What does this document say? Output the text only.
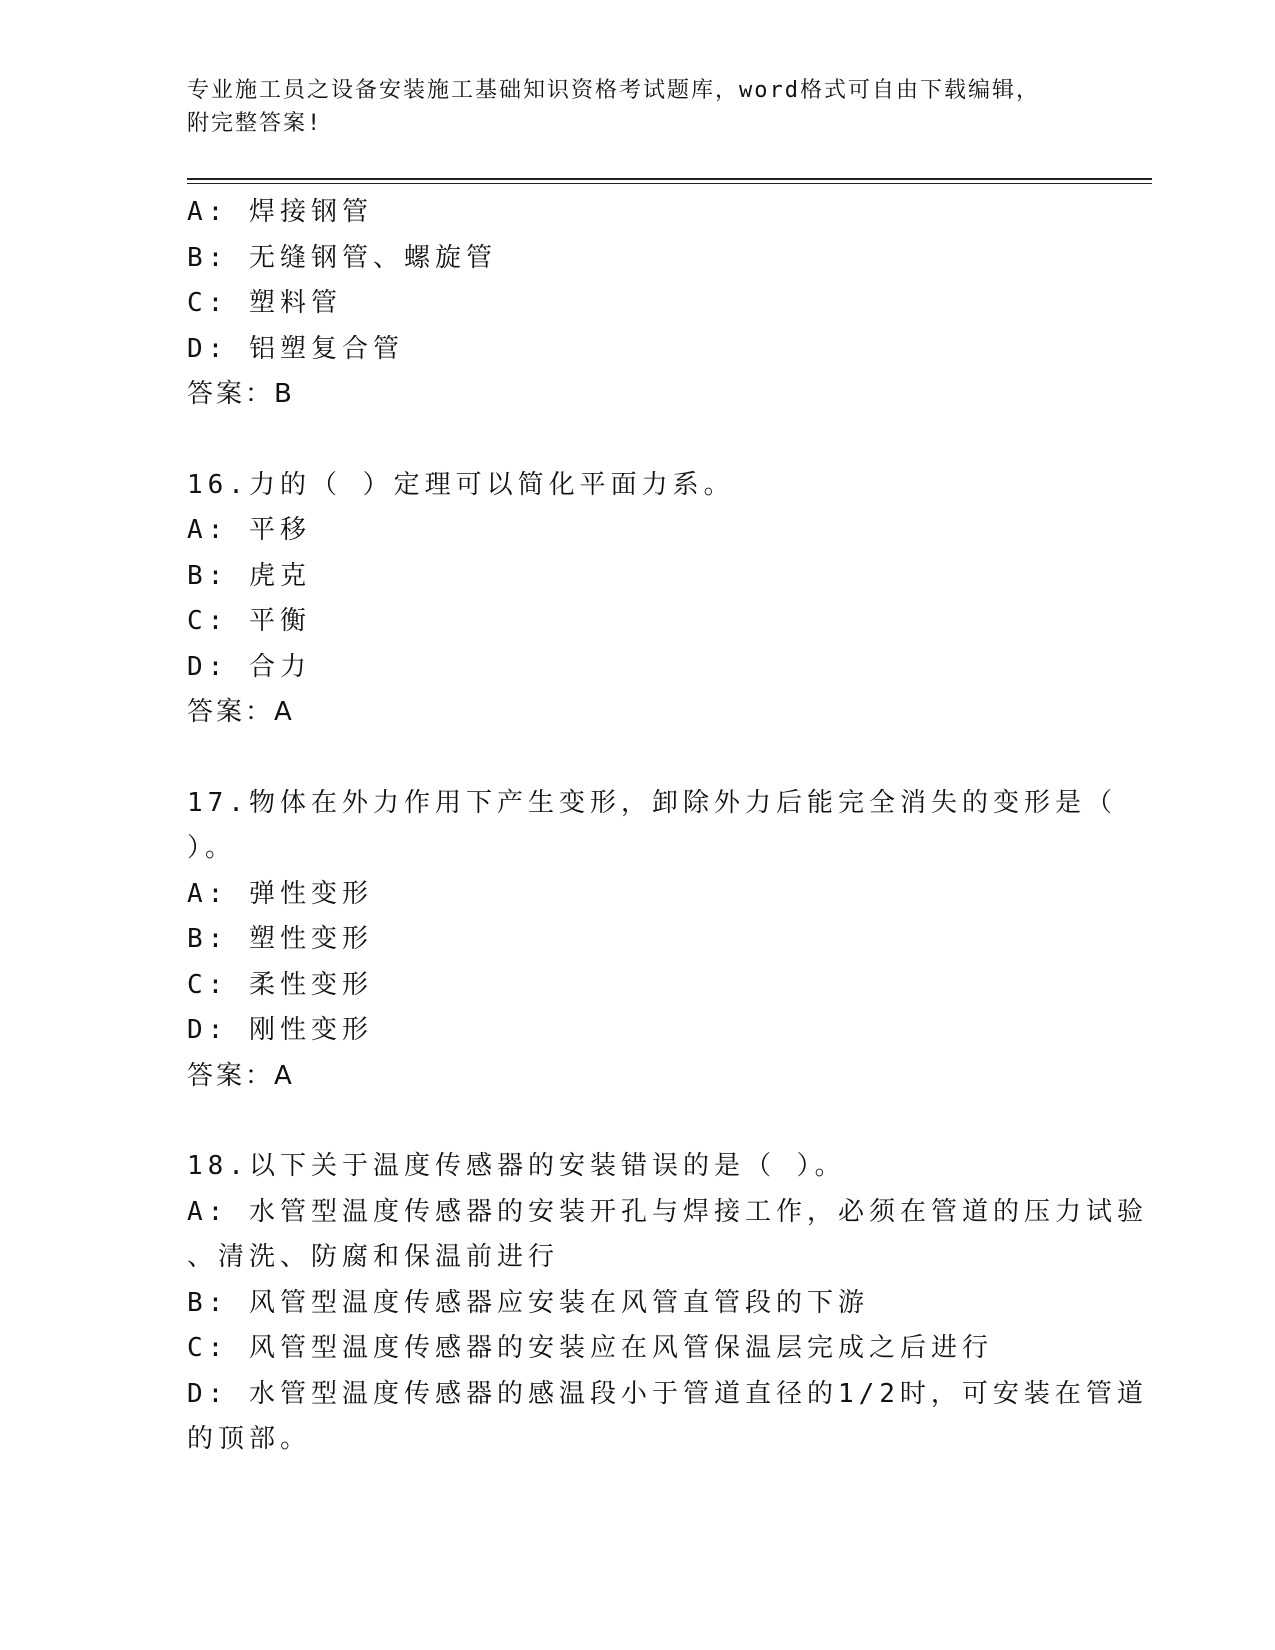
专业施工员之设备安装施工基础知识资格考试题库，word格式可自由下载编辑，
附完整答案!
A: 焊接钢管
B: 无缝钢管、螺旋管
C: 塑料管
D: 铝塑复合管
答案：B
16.力的（ ）定理可以简化平面力系。
A: 平移
B: 虎克
C: 平衡
D: 合力
答案：A
17.物体在外力作用下产生变形，卸除外力后能完全消失的变形是（
）。
A: 弹性变形
B: 塑性变形
C: 柔性变形
D: 刚性变形
答案：A
18.以下关于温度传感器的安装错误的是（ ）。
A: 水管型温度传感器的安装开孔与焊接工作，必须在管道的压力试验
、清洗、防腐和保温前进行
B: 风管型温度传感器应安装在风管直管段的下游
C: 风管型温度传感器的安装应在风管保温层完成之后进行
D: 水管型温度传感器的感温段小于管道直径的1/2时，可安装在管道
的顶部。
